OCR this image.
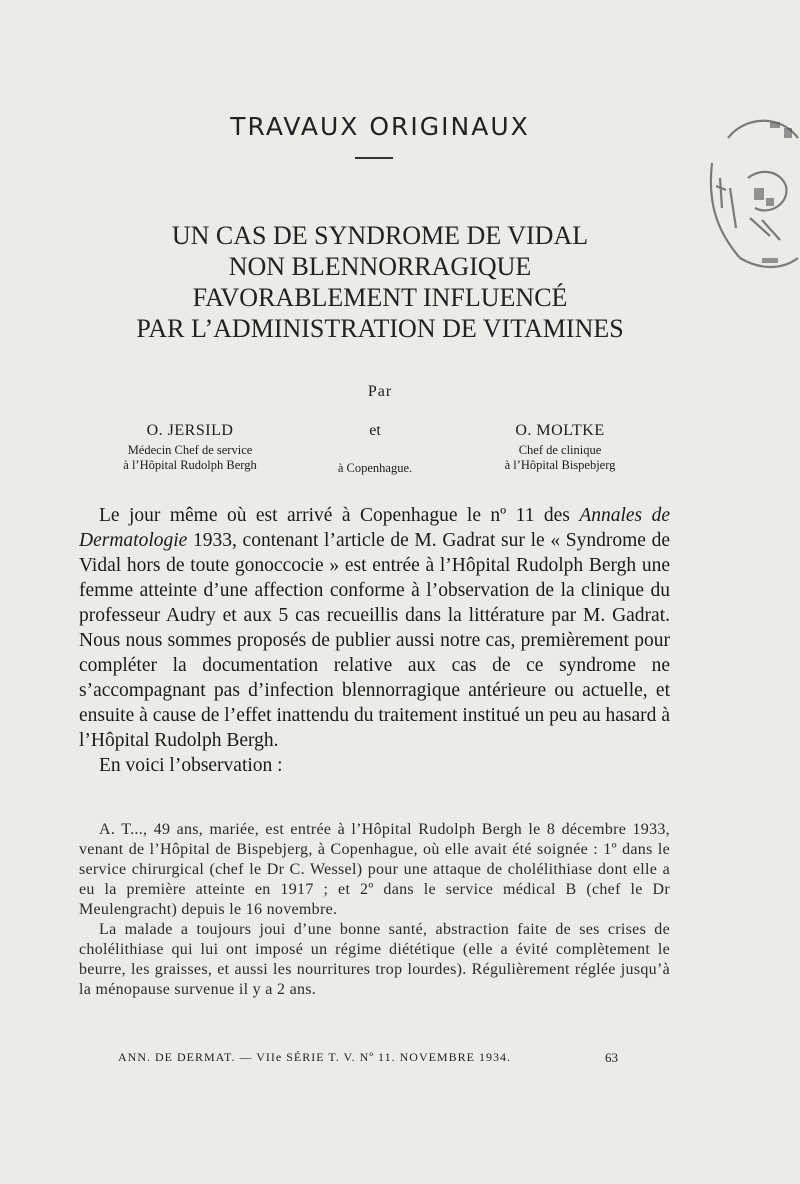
TRAVAUX ORIGINAUX
UN CAS DE SYNDROME DE VIDAL
NON BLENNORRAGIQUE
FAVORABLEMENT INFLUENCÉ
PAR L’ADMINISTRATION DE VITAMINES
Par
O. JERSILD
Médecin Chef de service
à l’Hôpital Rudolph Bergh
et
à Copenhague.
O. MOLTKE
Chef de clinique
à l’Hôpital Bispebjerg

Le jour même où est arrivé à Copenhague le nº 11 des Annales de Dermatologie 1933, contenant l’article de M. Gadrat sur le « Syndrome de Vidal hors de toute gonoccocie » est entrée à l’Hôpital Rudolph Bergh une femme atteinte d’une affection conforme à l’observation de la clinique du professeur Audry et aux 5 cas recueillis dans la littérature par M. Gadrat. Nous nous sommes proposés de publier aussi notre cas, premièrement pour compléter la documentation relative aux cas de ce syndrome ne s’accompagnant pas d’infection blennorragique antérieure ou actuelle, et ensuite à cause de l’effet inattendu du traitement institué un peu au hasard à l’Hôpital Rudolph Bergh.

En voici l’observation :

A. T..., 49 ans, mariée, est entrée à l’Hôpital Rudolph Bergh le 8 décembre 1933, venant de l’Hôpital de Bispebjerg, à Copenhague, où elle avait été soignée : 1º dans le service chirurgical (chef le Dr C. Wessel) pour une attaque de cholélithiase dont elle a eu la première atteinte en 1917 ; et 2º dans le service médical B (chef le Dr Meulengracht) depuis le 16 novembre.

La malade a toujours joui d’une bonne santé, abstraction faite de ses crises de cholélithiase qui lui ont imposé un régime diététique (elle a évité complètement le beurre, les graisses, et aussi les nourritures trop lourdes). Régulièrement réglée jusqu’à la ménopause survenue il y a 2 ans.

ANN. DE DERMAT. — VIIe SÉRIE T. V. Nº 11. NOVEMBRE 1934.	63
